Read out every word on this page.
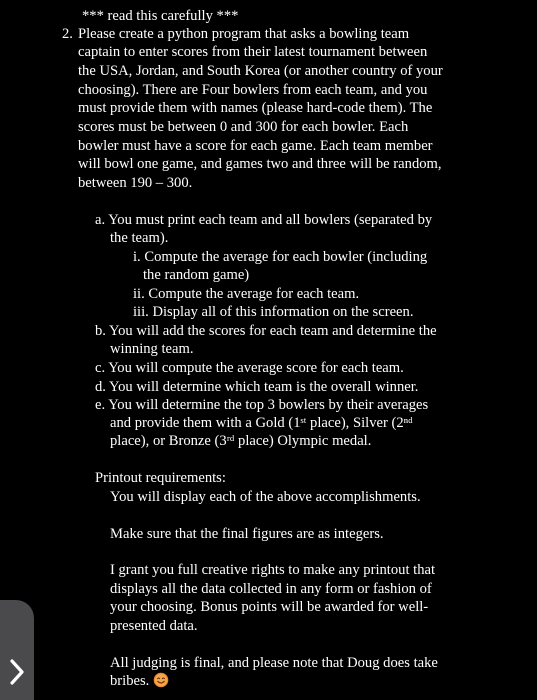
*** read this carefully ***
2. Please create a python program that asks a bowling team
captain to enter scores from their latest tournament between
the USA, Jordan, and South Korea (or another country of your
choosing). There are Four bowlers from each team, and you
must provide them with names (please hard-code them). The
scores must be between 0 and 300 for each bowler. Each
bowler must have a score for each game. Each team member
will bowl one game, and games two and three will be random,
between 190 – 300.
a. You must print each team and all bowlers (separated by
the team).
i. Compute the average for each bowler (including
the random game)
ii. Compute the average for each team.
iii. Display all of this information on the screen.
b. You will add the scores for each team and determine the
winning team.
c. You will compute the average score for each team.
d. You will determine which team is the overall winner.
e. You will determine the top 3 bowlers by their averages
and provide them with a Gold (1ˢᵗ place), Silver (2ⁿᵈ
place), or Bronze (3ʳᵈ place) Olympic medal.
Printout requirements:
You will display each of the above accomplishments.
Make sure that the final figures are as integers.
I grant you full creative rights to make any printout that
displays all the data collected in any form or fashion of
your choosing. Bonus points will be awarded for well-
presented data.
All judging is final, and please note that Doug does take
bribes.
